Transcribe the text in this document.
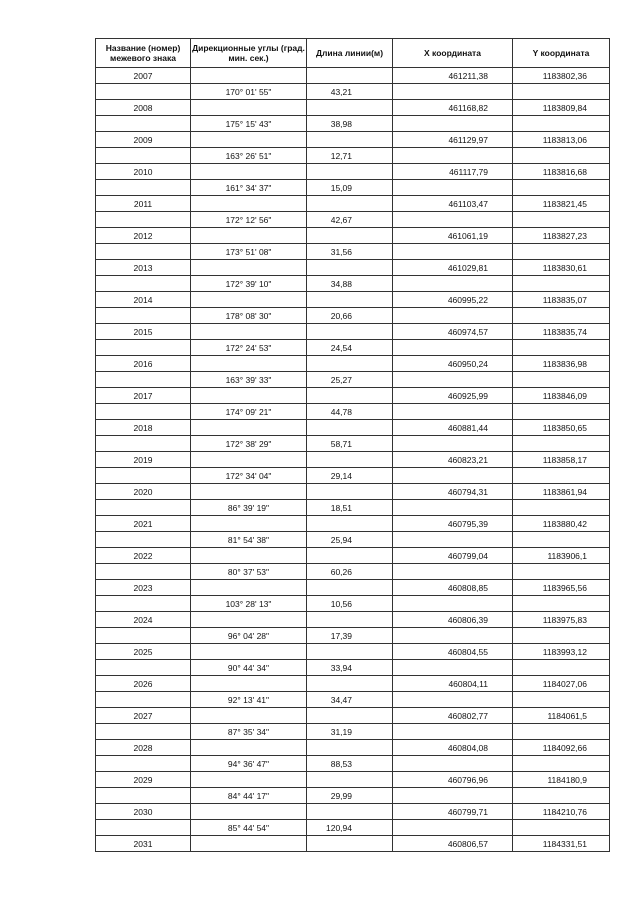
Название (номер) межевого знака	Дирекционные углы (град. мин. сек.)	Длина линии(м)	X координата	Y координата
2007			461211,38	1183802,36
	170° 01' 55"	43,21		
2008			461168,82	1183809,84
	175° 15' 43"	38,98		
2009			461129,97	1183813,06
	163° 26' 51"	12,71		
2010			461117,79	1183816,68
	161° 34' 37"	15,09		
2011			461103,47	1183821,45
	172° 12' 56"	42,67		
2012			461061,19	1183827,23
	173° 51' 08"	31,56		
2013			461029,81	1183830,61
	172° 39' 10"	34,88		
2014			460995,22	1183835,07
	178° 08' 30"	20,66		
2015			460974,57	1183835,74
	172° 24' 53"	24,54		
2016			460950,24	1183836,98
	163° 39' 33"	25,27		
2017			460925,99	1183846,09
	174° 09' 21"	44,78		
2018			460881,44	1183850,65
	172° 38' 29"	58,71		
2019			460823,21	1183858,17
	172° 34' 04"	29,14		
2020			460794,31	1183861,94
	86° 39' 19"	18,51		
2021			460795,39	1183880,42
	81° 54' 38"	25,94		
2022			460799,04	1183906,1
	80° 37' 53"	60,26		
2023			460808,85	1183965,56
	103° 28' 13"	10,56		
2024			460806,39	1183975,83
	96° 04' 28"	17,39		
2025			460804,55	1183993,12
	90° 44' 34"	33,94		
2026			460804,11	1184027,06
	92° 13' 41"	34,47		
2027			460802,77	1184061,5
	87° 35' 34"	31,19		
2028			460804,08	1184092,66
	94° 36' 47"	88,53		
2029			460796,96	1184180,9
	84° 44' 17"	29,99		
2030			460799,71	1184210,76
	85° 44' 54"	120,94		
2031			460806,57	1184331,51
